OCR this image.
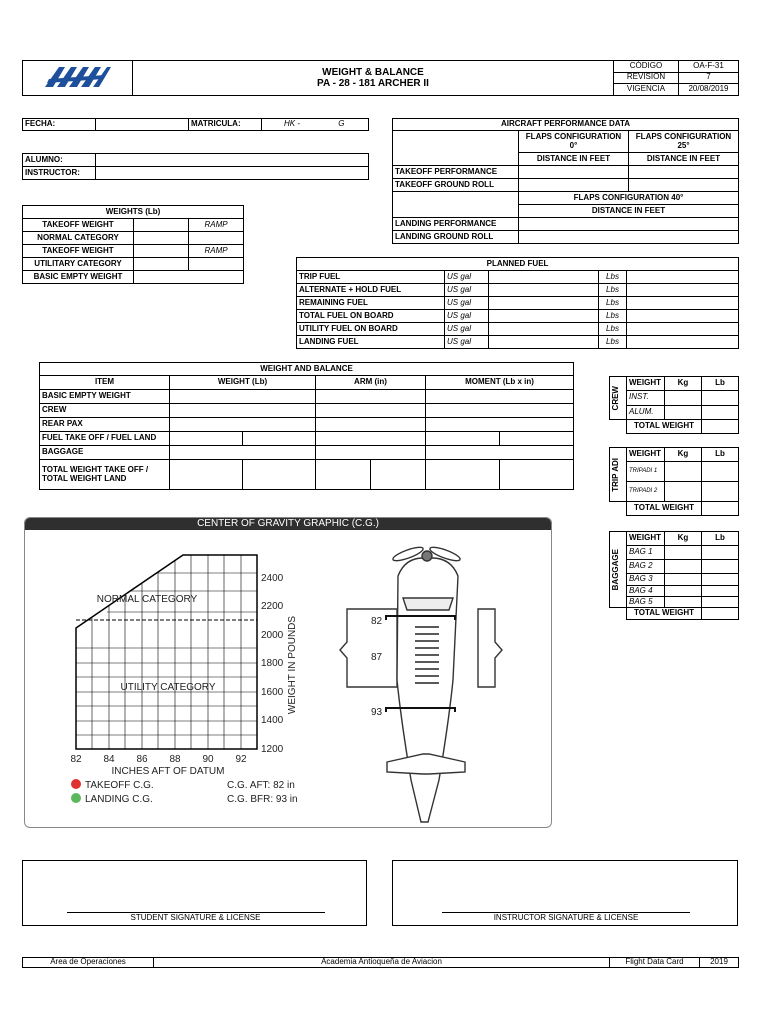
WEIGHT & BALANCE
PA - 28 - 181 ARCHER II	CÓDIGO	OA-F-31
		REVISION	7
		VIGENCIA	20/08/2019
FECHA:		MATRICULA:	HK -	G
ALUMNO:	
INSTRUCTOR:	
WEIGHTS (Lb)		
TAKEOFF WEIGHT		RAMP
NORMAL CATEGORY		
TAKEOFF WEIGHT		RAMP
UTILITARY CATEGORY		
BASIC EMPTY WEIGHT		
AIRCRAFT PERFORMANCE DATA		
	FLAPS CONFIGURATION 0°	FLAPS CONFIGURATION 25°
	DISTANCE IN FEET	DISTANCE IN FEET
TAKEOFF PERFORMANCE		
TAKEOFF GROUND ROLL		
	FLAPS CONFIGURATION 40°	
	DISTANCE IN FEET	
LANDING PERFORMANCE		
LANDING GROUND ROLL		
PLANNED FUEL				
TRIP FUEL	US gal		Lbs	
ALTERNATE + HOLD FUEL	US gal		Lbs	
REMAINING FUEL	US gal		Lbs	
TOTAL FUEL ON BOARD	US gal		Lbs	
UTILITY FUEL ON BOARD	US gal		Lbs	
LANDING FUEL	US gal		Lbs	
WEIGHT AND BALANCE						
ITEM	WEIGHT (Lb)		ARM (in)		MOMENT (Lb x in)	
BASIC EMPTY WEIGHT						
CREW						
REAR PAX						
FUEL TAKE OFF / FUEL LAND						
BAGGAGE						

TOTAL WEIGHT TAKE OFF /
TOTAL WEIGHT LAND						

CREW	WEIGHT	Kg	Lb
	INST.		
	ALUM.		
	TOTAL WEIGHT		
TRIP ADI	WEIGHT	Kg	Lb
	TRIPADI 1		
	TRIPADI 2		
	TOTAL WEIGHT		
BAGGAGE	WEIGHT	Kg	Lb
	BAG 1		
	BAG 2		
	BAG 3		
	BAG 4		
	BAG 5		
	TOTAL WEIGHT		
CENTER OF GRAVITY GRAPHIC (C.G.)
NORMAL CATEGORY
UTILITY CATEGORY
2400
2200
2000
1800
1600
1400
1200
82 84 86 88 90 92
INCHES AFT OF DATUM
WEIGHT IN POUNDS
TAKEOFF C.G.
LANDING C.G.
C.G. AFT: 82 in
C.G. BFR: 93 in
82
87
93
STUDENT SIGNATURE & LICENSE	INSTRUCTOR SIGNATURE & LICENSE
Area de Operaciones	Academia Antioqueña de Aviacion	Flight Data Card	2019
